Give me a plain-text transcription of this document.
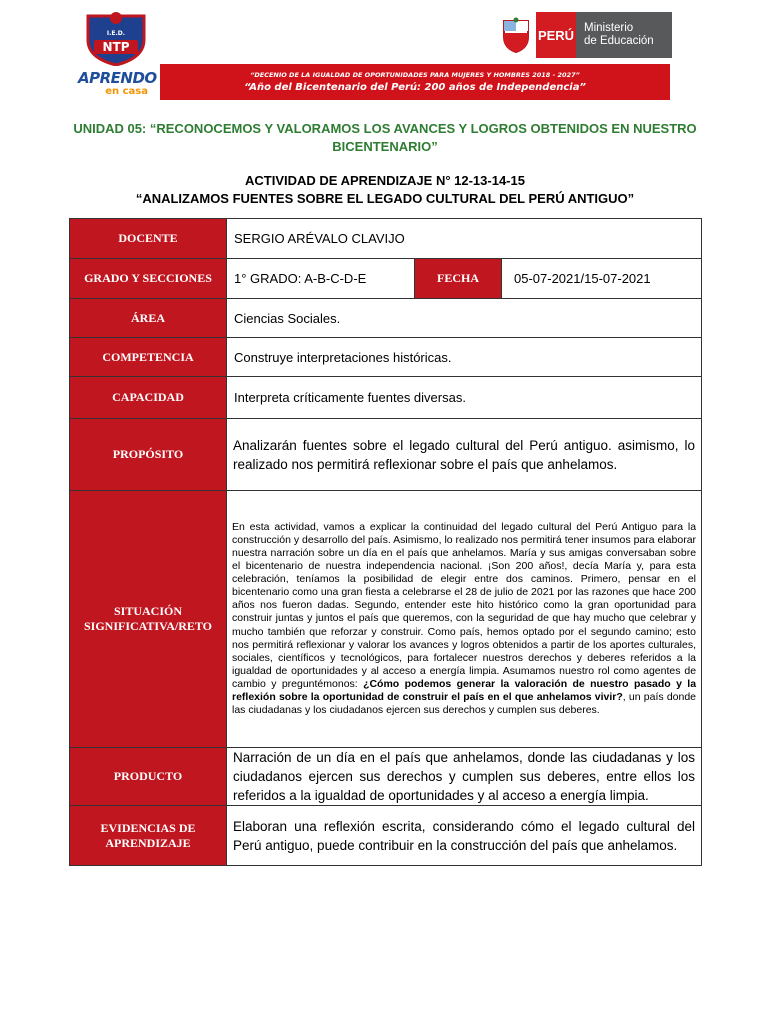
NTP
I.E.D.
APRENDO
en casa
PERÚ Ministerio
de Educación
“DECENIO DE LA IGUALDAD DE OPORTUNIDADES PARA MUJERES Y HOMBRES 2018 - 2027”
“Año del Bicentenario del Perú: 200 años de Independencia”
UNIDAD 05: “RECONOCEMOS Y VALORAMOS LOS AVANCES Y LOGROS OBTENIDOS EN NUESTRO BICENTENARIO”
ACTIVIDAD DE APRENDIZAJE N° 12-13-14-15
“ANALIZAMOS FUENTES SOBRE EL LEGADO CULTURAL DEL PERÚ ANTIGUO”
DOCENTE	SERGIO ARÉVALO CLAVIJO		
GRADO Y SECCIONES	1° GRADO: A-B-C-D-E	FECHA	05-07-2021/15-07-2021
ÁREA	Ciencias Sociales.		
COMPETENCIA	Construye interpretaciones históricas.		
CAPACIDAD	Interpreta críticamente fuentes diversas.		
PROPÓSITO	Analizarán fuentes sobre el legado cultural del Perú antiguo. asimismo, lo realizado nos permitirá reflexionar sobre el país que anhelamos.		

SITUACIÓN
SIGNIFICATIVA/RETO	En esta actividad, vamos a explicar la continuidad del legado cultural del Perú Antiguo para la construcción y desarrollo del país. Asimismo, lo realizado nos permitirá tener insumos para elaborar nuestra narración sobre un día en el país que anhelamos. María y sus amigas conversaban sobre el bicentenario de nuestra independencia nacional. ¡Son 200 años!, decía María y, para esta celebración, teníamos la posibilidad de elegir entre dos caminos. Primero, pensar en el bicentenario como una gran fiesta a celebrarse el 28 de julio de 2021 por las razones que hace 200 años nos fueron dadas. Segundo, entender este hito histórico como la gran oportunidad para construir juntas y juntos el país que queremos, con la seguridad de que hay mucho que celebrar y mucho también que reforzar y construir. Como país, hemos optado por el segundo camino; esto nos permitirá reflexionar y valorar los avances y logros obtenidos a partir de los aportes culturales, sociales, científicos y tecnológicos, para fortalecer nuestros derechos y deberes referidos a la igualdad de oportunidades y al acceso a energía limpia. Asumamos nuestro rol como agentes de cambio y preguntémonos: ¿Cómo podemos generar la valoración de nuestro pasado y la reflexión sobre la oportunidad de construir el país en el que anhelamos vivir?, un país donde las ciudadanas y los ciudadanos ejercen sus derechos y cumplen sus deberes.		
PRODUCTO	Narración de un día en el país que anhelamos, donde las ciudadanas y los ciudadanos ejercen sus derechos y cumplen sus deberes, entre ellos los referidos a la igualdad de oportunidades y al acceso a energía limpia.		

EVIDENCIAS DE
APRENDIZAJE	Elaboran una reflexión escrita, considerando cómo el legado cultural del Perú antiguo, puede contribuir en la construcción del país que anhelamos.		
